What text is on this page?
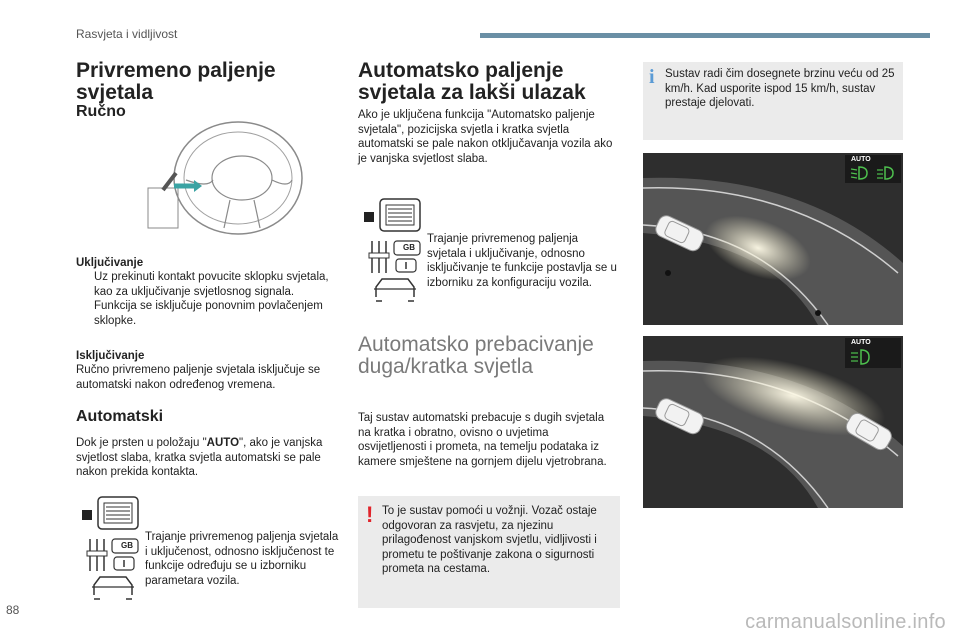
Rasvjeta i vidljivost
Privremeno paljenje svjetala
Ručno
Uključivanje
Uz prekinuti kontakt povucite sklopku svjetala, kao za uključivanje svjetlosnog signala.
Funkcija se isključuje ponovnim povlačenjem sklopke.
Isključivanje
Ručno privremeno paljenje svjetala isključuje se automatski nakon određenog vremena.
Automatski
Dok je prsten u položaju "AUTO", ako je vanjska svjetlost slaba, kratka svjetla automatski se pale nakon prekida kontakta.
GB
Trajanje privremenog paljenja svjetala i uključenost, odnosno isključenost te funkcije određuju se u izborniku parametara vozila.
Automatsko paljenje svjetala za lakši ulazak
Ako je uključena funkcija "Automatsko paljenje svjetala", pozicijska svjetla i kratka svjetla automatski se pale nakon otključavanja vozila ako je vanjska svjetlost slaba.
GB
Trajanje privremenog paljenja svjetala i uključivanje, odnosno isključivanje te funkcije postavlja se u izborniku za konfiguraciju vozila.
Automatsko prebacivanje duga/kratka svjetla
Taj sustav automatski prebacuje s dugih svjetala na kratka i obratno, ovisno o uvjetima osvijetljenosti i prometa, na temelju podataka iz kamere smještene na gornjem dijelu vjetrobrana.
! To je sustav pomoći u vožnji. Vozač ostaje odgovoran za rasvjetu, za njezinu prilagođenost vanjskom svjetlu, vidljivosti i prometu te poštivanje zakona o sigurnosti prometa na cestama.
i Sustav radi čim dosegnete brzinu veću od 25 km/h. Kad usporite ispod 15 km/h, sustav prestaje djelovati.
AUTO
AUTO
88
carmanualsonline.info
